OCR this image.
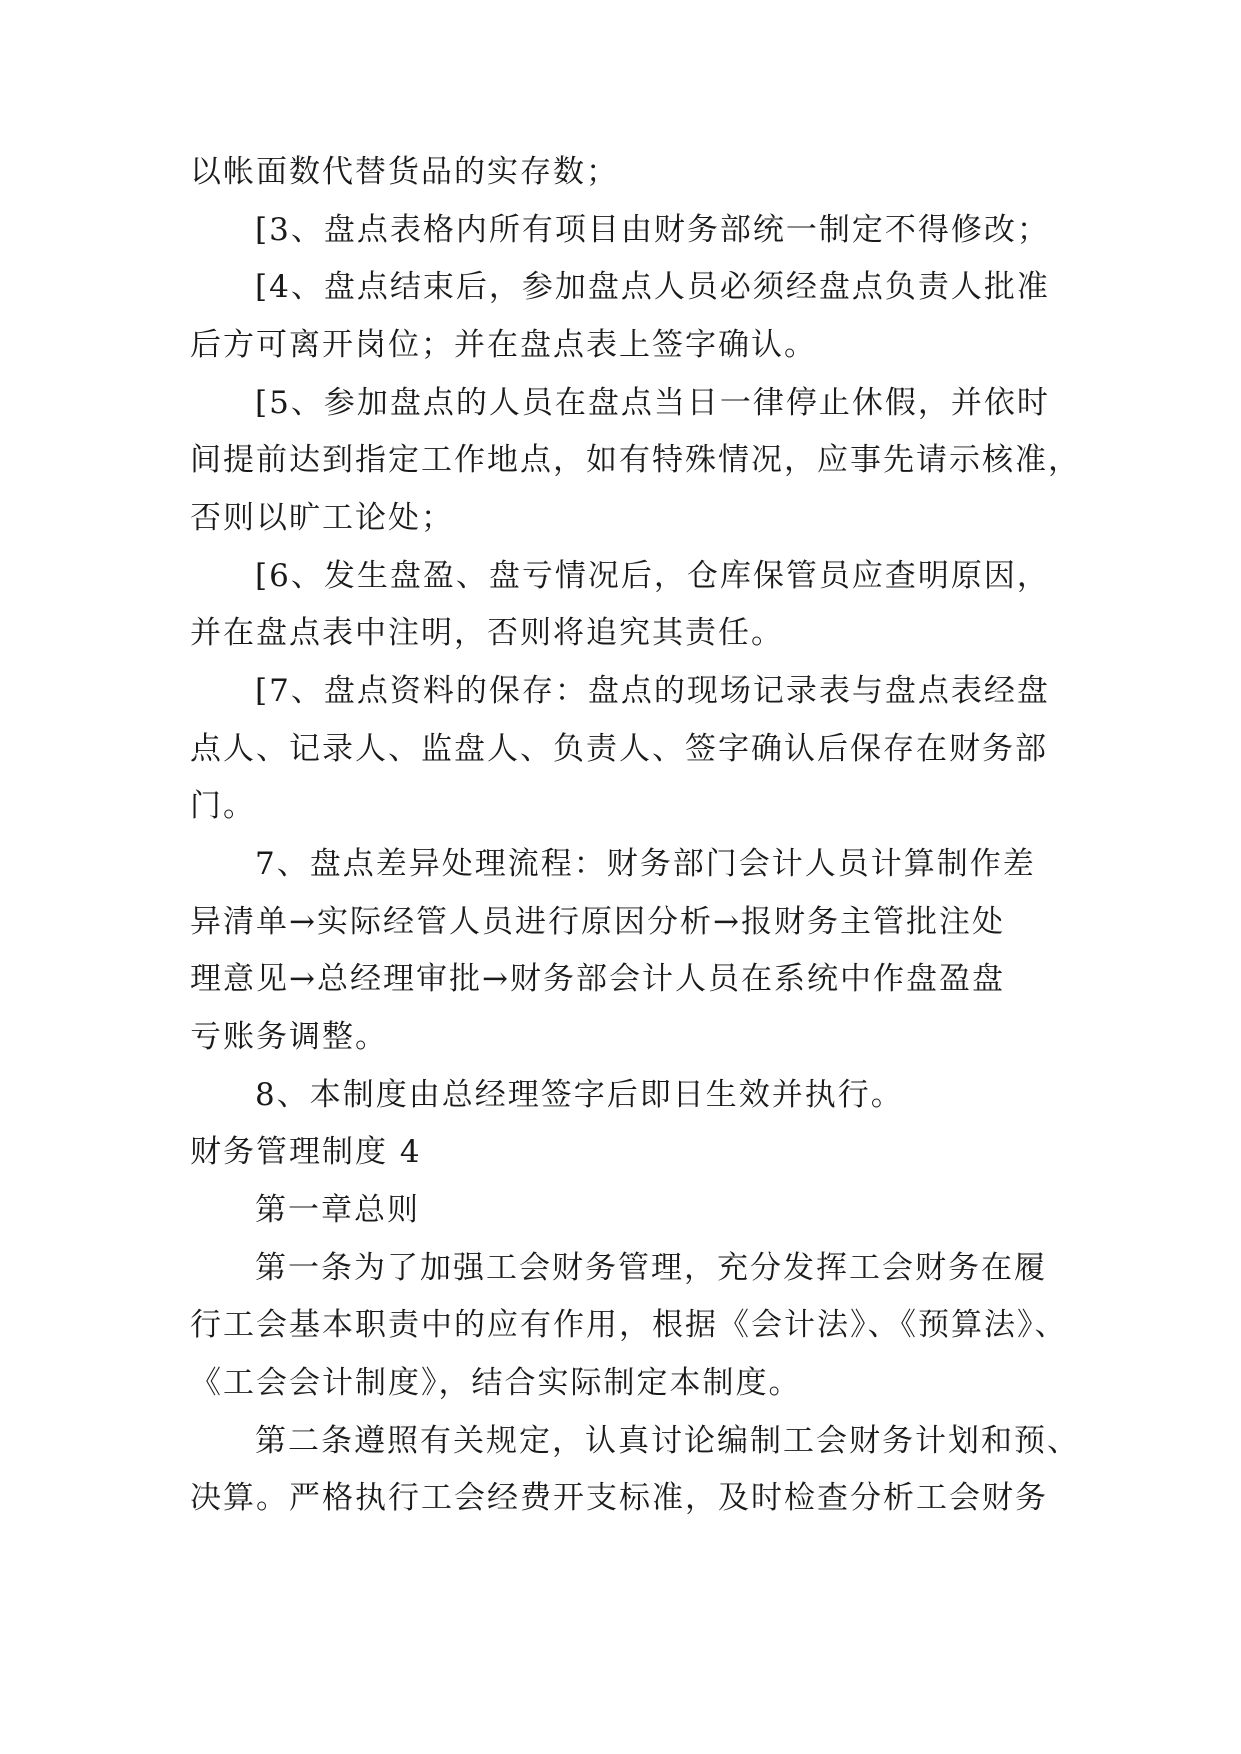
以帐面数代替货品的实存数；
[3、盘点表格内所有项目由财务部统一制定不得修改；
[4、盘点结束后，参加盘点人员必须经盘点负责人批准
后方可离开岗位；并在盘点表上签字确认。
[5、参加盘点的人员在盘点当日一律停止休假，并依时
间提前达到指定工作地点，如有特殊情况，应事先请示核准，
否则以旷工论处；
[6、发生盘盈、盘亏情况后，仓库保管员应查明原因，
并在盘点表中注明，否则将追究其责任。
[7、盘点资料的保存：盘点的现场记录表与盘点表经盘
点人、记录人、监盘人、负责人、签字确认后保存在财务部
门。
7、盘点差异处理流程：财务部门会计人员计算制作差
异清单→实际经管人员进行原因分析→报财务主管批注处
理意见→总经理审批→财务部会计人员在系统中作盘盈盘
亏账务调整。
8、本制度由总经理签字后即日生效并执行。
财务管理制度 4
第一章总则
第一条为了加强工会财务管理，充分发挥工会财务在履
行工会基本职责中的应有作用，根据《会计法》、《预算法》、
《工会会计制度》，结合实际制定本制度。
第二条遵照有关规定，认真讨论编制工会财务计划和预、
决算。严格执行工会经费开支标准，及时检查分析工会财务
